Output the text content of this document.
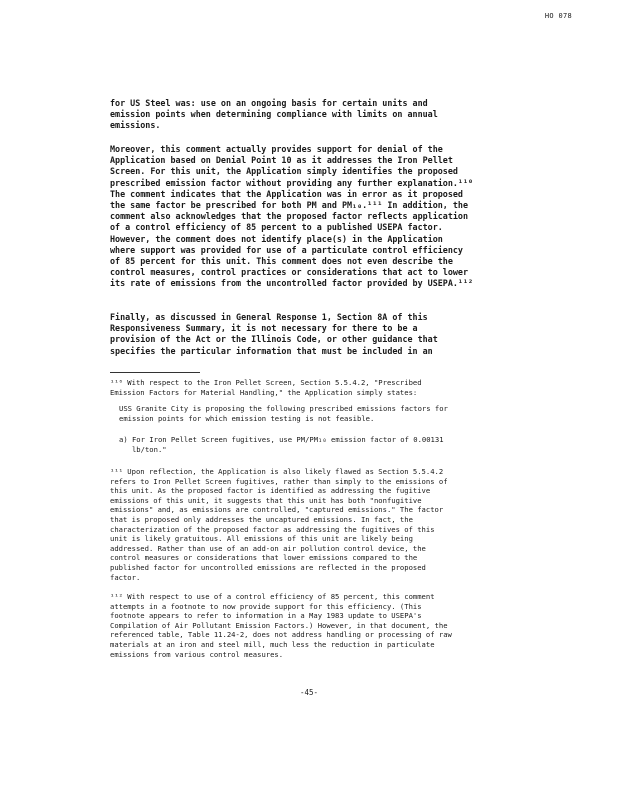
HO 078

for US Steel was: use on an ongoing basis for certain units and
emission points when determining compliance with limits on annual
emissions.

Moreover, this comment actually provides support for denial of the
Application based on Denial Point 10 as it addresses the Iron Pellet
Screen. For this unit, the Application simply identifies the proposed
prescribed emission factor without providing any further explanation.¹¹⁰
The comment indicates that the Application was in error as it proposed
the same factor be prescribed for both PM and PM₁₀.¹¹¹ In addition, the
comment also acknowledges that the proposed factor reflects application
of a control efficiency of 85 percent to a published USEPA factor.
However, the comment does not identify place(s) in the Application
where support was provided for use of a particulate control efficiency
of 85 percent for this unit. This comment does not even describe the
control measures, control practices or considerations that act to lower
its rate of emissions from the uncontrolled factor provided by USEPA.¹¹²

Finally, as discussed in General Response 1, Section 8A of this
Responsiveness Summary, it is not necessary for there to be a
provision of the Act or the Illinois Code, or other guidance that
specifies the particular information that must be included in an

¹¹⁰ With respect to the Iron Pellet Screen, Section 5.5.4.2, "Prescribed
Emission Factors for Material Handling," the Application simply states:

USS Granite City is proposing the following prescribed emissions factors for
emission points for which emission testing is not feasible.

a) For Iron Pellet Screen fugitives, use PM/PM₁₀ emission factor of 0.00131
lb/ton."

¹¹¹ Upon reflection, the Application is also likely flawed as Section 5.5.4.2
refers to Iron Pellet Screen fugitives, rather than simply to the emissions of
this unit. As the proposed factor is identified as addressing the fugitive
emissions of this unit, it suggests that this unit has both "nonfugitive
emissions" and, as emissions are controlled, "captured emissions." The factor
that is proposed only addresses the uncaptured emissions. In fact, the
characterization of the proposed factor as addressing the fugitives of this
unit is likely gratuitous. All emissions of this unit are likely being
addressed. Rather than use of an add-on air pollution control device, the
control measures or considerations that lower emissions compared to the
published factor for uncontrolled emissions are reflected in the proposed
factor.

¹¹² With respect to use of a control efficiency of 85 percent, this comment
attempts in a footnote to now provide support for this efficiency. (This
footnote appears to refer to information in a May 1983 update to USEPA's
Compilation of Air Pollutant Emission Factors.) However, in that document, the
referenced table, Table 11.24-2, does not address handling or processing of raw
materials at an iron and steel mill, much less the reduction in particulate
emissions from various control measures.

-45-
